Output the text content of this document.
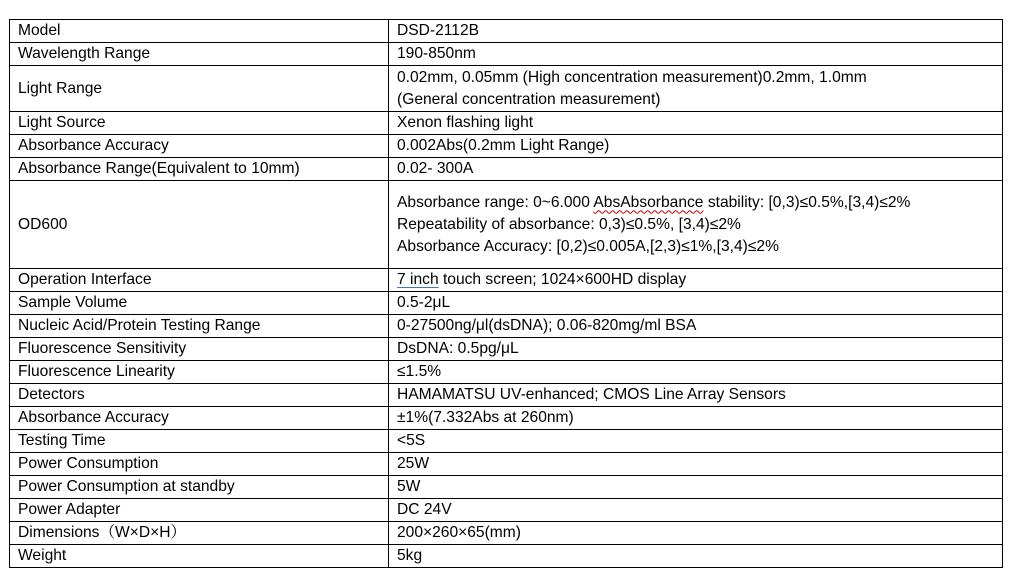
Model	DSD-2112B
Wavelength Range	190-850nm
Light Range	0.02mm, 0.05mm (High concentration measurement)0.2mm, 1.0mm
(General concentration measurement)

Light Source	Xenon flashing light
Absorbance Accuracy	0.002Abs(0.2mm Light Range)
Absorbance Range(Equivalent to 10mm)	0.02- 300A
OD600	Absorbance range: 0~6.000 AbsAbsorbance stability: [0,3)≤0.5%,[3,4)≤2%
Repeatability of absorbance: 0,3)≤0.5%, [3,4)≤2%
Absorbance Accuracy: [0,2)≤0.005A,[2,3)≤1%,[3,4)≤2%

Operation Interface	7 inch touch screen; 1024×600HD display
Sample Volume	0.5-2μL
Nucleic Acid/Protein Testing Range	0-27500ng/μl(dsDNA); 0.06-820mg/ml BSA
Fluorescence Sensitivity	DsDNA: 0.5pg/μL
Fluorescence Linearity	≤1.5%
Detectors	HAMAMATSU UV-enhanced; CMOS Line Array Sensors
Absorbance Accuracy	±1%(7.332Abs at 260nm)
Testing Time	<5S
Power Consumption	25W
Power Consumption at standby	5W
Power Adapter	DC 24V
Dimensions（W×D×H）	200×260×65(mm)
Weight	5kg
